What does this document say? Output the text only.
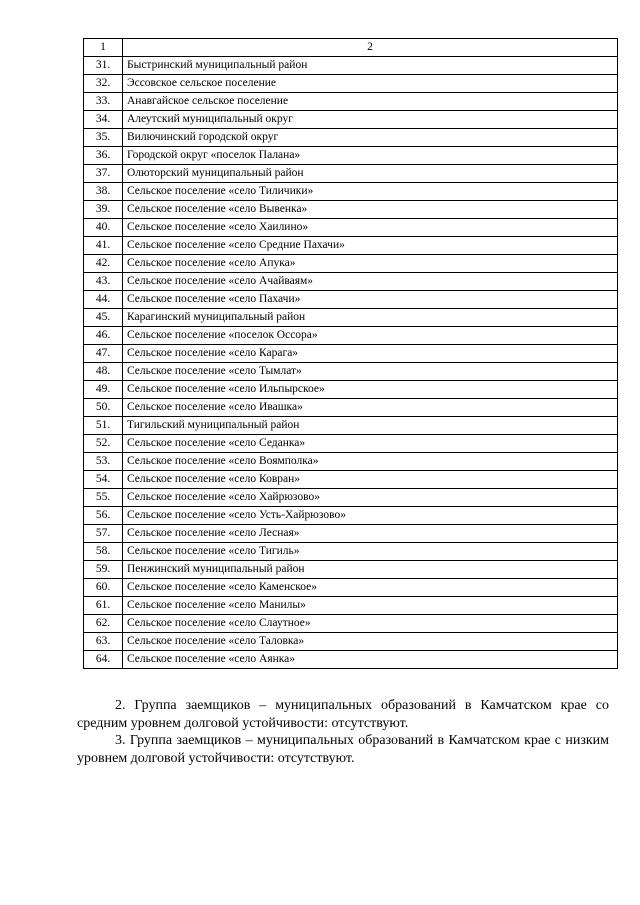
1	2
31.	Быстринский муниципальный район
32.	Эссовское сельское поселение
33.	Анавгайское сельское поселение
34.	Алеутский муниципальный округ
35.	Вилючинский городской округ
36.	Городской округ «поселок Палана»
37.	Олюторский муниципальный район
38.	Сельское поселение «село Тиличики»
39.	Сельское поселение «село Вывенка»
40.	Сельское поселение «село Хаилино»
41.	Сельское поселение «село Средние Пахачи»
42.	Сельское поселение «село Апука»
43.	Сельское поселение «село Ачайваям»
44.	Сельское поселение «село Пахачи»
45.	Карагинский муниципальный район
46.	Сельское поселение «поселок Оссора»
47.	Сельское поселение «село Карага»
48.	Сельское поселение «село Тымлат»
49.	Сельское поселение «село Ильпырское»
50.	Сельское поселение «село Ивашка»
51.	Тигильский муниципальный район
52.	Сельское поселение «село Седанка»
53.	Сельское поселение «село Воямполка»
54.	Сельское поселение «село Ковран»
55.	Сельское поселение «село Хайрюзово»
56.	Сельское поселение «село Усть-Хайрюзово»
57.	Сельское поселение «село Лесная»
58.	Сельское поселение «село Тигиль»
59.	Пенжинский муниципальный район
60.	Сельское поселение «село Каменское»
61.	Сельское поселение «село Манилы»
62.	Сельское поселение «село Слаутное»
63.	Сельское поселение «село Таловка»
64.	Сельское поселение «село Аянка»

2. Группа заемщиков – муниципальных образований в Камчатском крае со средним уровнем долговой устойчивости: отсутствуют.

3. Группа заемщиков – муниципальных образований в Камчатском крае с низким уровнем долговой устойчивости: отсутствуют.
